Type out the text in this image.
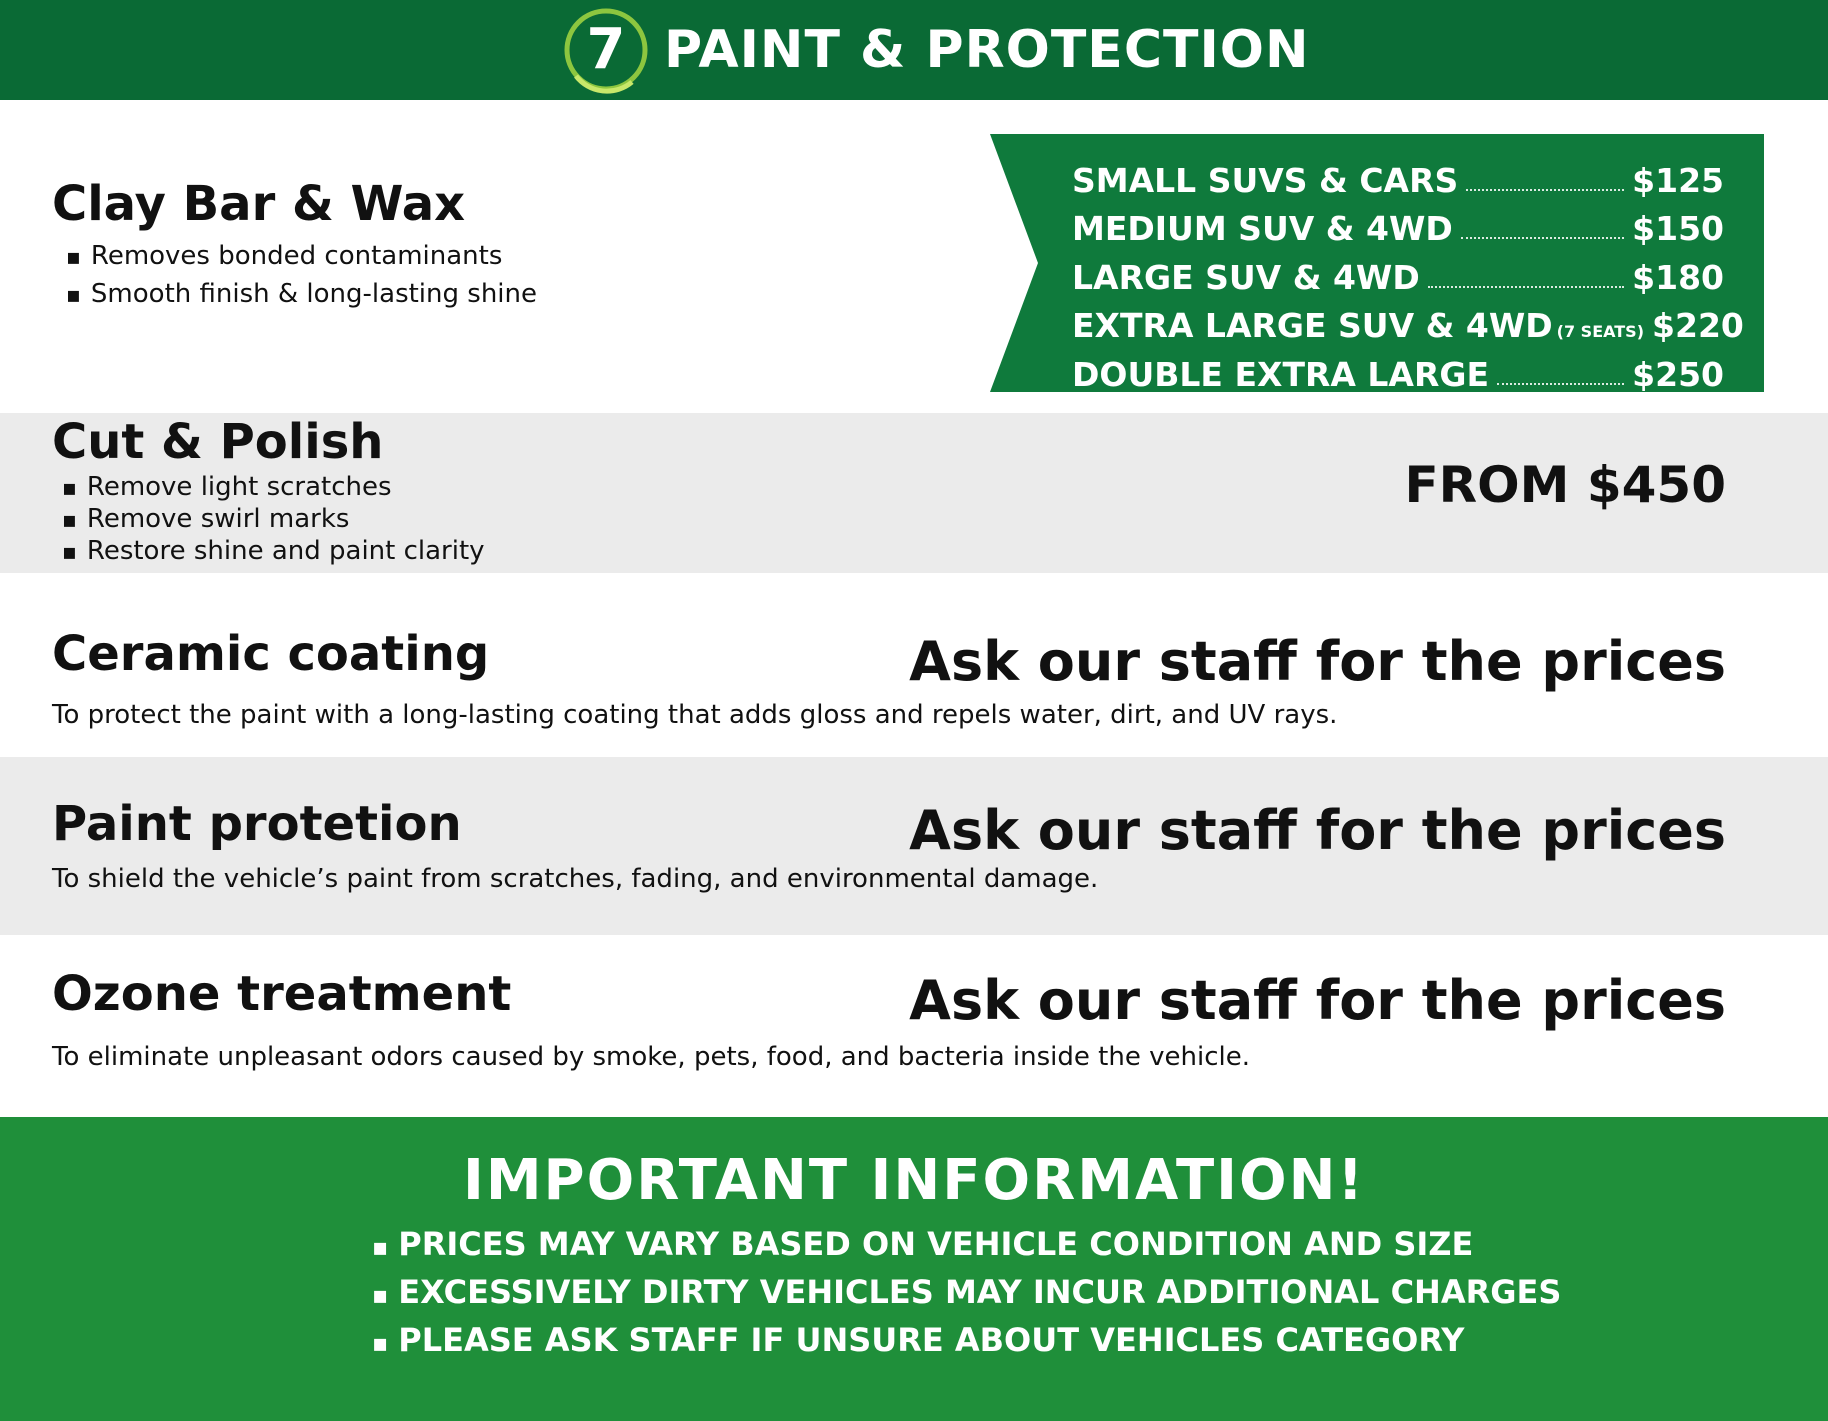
7 PAINT & PROTECTION
Clay Bar & Wax
▪ Removes bonded contaminants
▪ Smooth finish & long-lasting shine
SMALL SUVS & CARS	$125
MEDIUM SUV & 4WD	$150
LARGE SUV & 4WD	$180
EXTRA LARGE SUV & 4WD (7 SEATS) $220
DOUBLE EXTRA LARGE	$250
Cut & Polish
▪ Remove light scratches
▪ Remove swirl marks
▪ Restore shine and paint clarity
FROM $450
Ceramic coating	Ask our staff for the prices
To protect the paint with a long-lasting coating that adds gloss and repels water, dirt, and UV rays.
Paint protetion	Ask our staff for the prices
To shield the vehicle’s paint from scratches, fading, and environmental damage.
Ozone treatment	Ask our staff for the prices
To eliminate unpleasant odors caused by smoke, pets, food, and bacteria inside the vehicle.
IMPORTANT INFORMATION!
▪ PRICES MAY VARY BASED ON VEHICLE CONDITION AND SIZE
▪ EXCESSIVELY DIRTY VEHICLES MAY INCUR ADDITIONAL CHARGES
▪ PLEASE ASK STAFF IF UNSURE ABOUT VEHICLES CATEGORY
